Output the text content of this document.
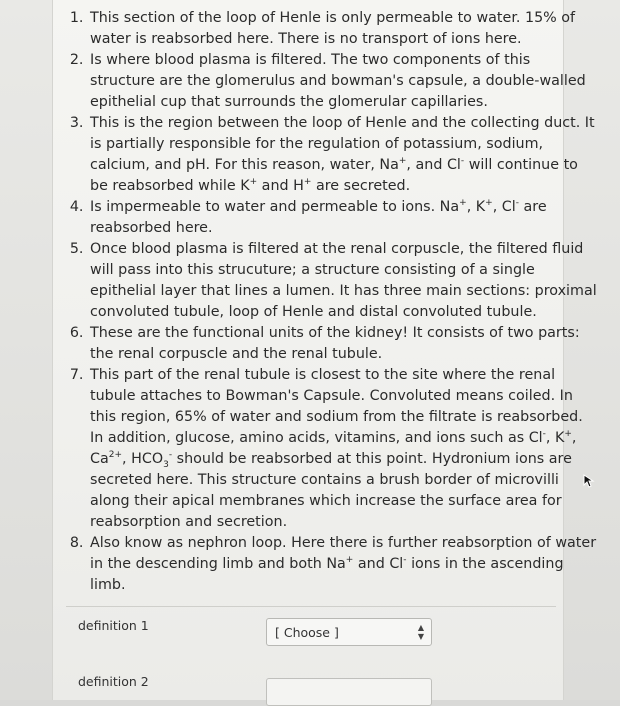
1. This section of the loop of Henle is only permeable to water. 15% of water is reabsorbed here. There is no transport of ions here.
2. Is where blood plasma is filtered. The two components of this structure are the glomerulus and bowman's capsule, a double-walled epithelial cup that surrounds the glomerular capillaries.
3. This is the region between the loop of Henle and the collecting duct. It is partially responsible for the regulation of potassium, sodium, calcium, and pH. For this reason, water, Na+, and Cl- will continue to be reabsorbed while K+ and H+ are secreted.
4. Is impermeable to water and permeable to ions. Na+, K+, Cl- are reabsorbed here.
5. Once blood plasma is filtered at the renal corpuscle, the filtered fluid will pass into this strucuture; a structure consisting of a single epithelial layer that lines a lumen. It has three main sections: proximal convoluted tubule, loop of Henle and distal convoluted tubule.
6. These are the functional units of the kidney! It consists of two parts: the renal corpuscle and the renal tubule.
7. This part of the renal tubule is closest to the site where the renal tubule attaches to Bowman's Capsule. Convoluted means coiled. In this region, 65% of water and sodium from the filtrate is reabsorbed. In addition, glucose, amino acids, vitamins, and ions such as Cl-, K+, $Ca^{2+}$, $HCO_3^-$ should be reabsorbed at this point. Hydronium ions are secreted here. This structure contains a brush border of microvilli along their apical membranes which increase the surface area for reabsorption and secretion.
8. Also know as nephron loop. Here there is further reabsorption of water in the descending limb and both Na+ and Cl- ions in the ascending limb.
definition 1	[ Choose ]	▲
▼
definition 2
